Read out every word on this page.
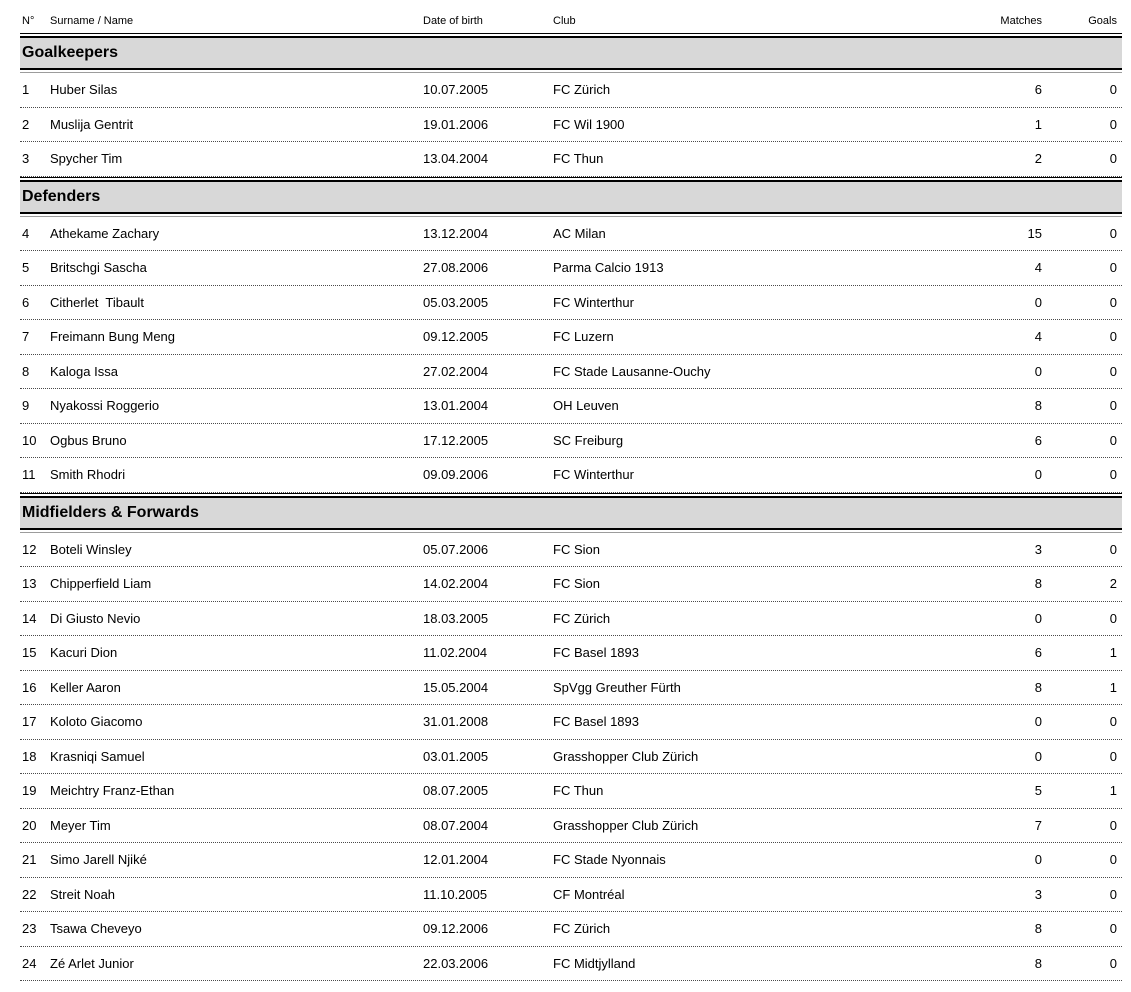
N°	Surname / Name	Date of birth	Club	Matches	Goals
Goalkeepers
1	Huber Silas	10.07.2005	FC Zürich	6	0
2	Muslija Gentrit	19.01.2006	FC Wil 1900	1	0
3	Spycher Tim	13.04.2004	FC Thun	2	0
Defenders
4	Athekame Zachary	13.12.2004	AC Milan	15	0
5	Britschgi Sascha	27.08.2006	Parma Calcio 1913	4	0
6	Citherlet  Tibault	05.03.2005	FC Winterthur	0	0
7	Freimann Bung Meng	09.12.2005	FC Luzern	4	0
8	Kaloga Issa	27.02.2004	FC Stade Lausanne-Ouchy	0	0
9	Nyakossi Roggerio	13.01.2004	OH Leuven	8	0
10	Ogbus Bruno	17.12.2005	SC Freiburg	6	0
11	Smith Rhodri	09.09.2006	FC Winterthur	0	0
Midfielders & Forwards
12	Boteli Winsley	05.07.2006	FC Sion	3	0
13	Chipperfield Liam	14.02.2004	FC Sion	8	2
14	Di Giusto Nevio	18.03.2005	FC Zürich	0	0
15	Kacuri Dion	11.02.2004	FC Basel 1893	6	1
16	Keller Aaron	15.05.2004	SpVgg Greuther Fürth	8	1
17	Koloto Giacomo	31.01.2008	FC Basel 1893	0	0
18	Krasniqi Samuel	03.01.2005	Grasshopper Club Zürich	0	0
19	Meichtry Franz-Ethan	08.07.2005	FC Thun	5	1
20	Meyer Tim	08.07.2004	Grasshopper Club Zürich	7	0
21	Simo Jarell Njiké	12.01.2004	FC Stade Nyonnais	0	0
22	Streit Noah	11.10.2005	CF Montréal	3	0
23	Tsawa Cheveyo	09.12.2006	FC Zürich	8	0
24	Zé Arlet Junior	22.03.2006	FC Midtjylland	8	0
